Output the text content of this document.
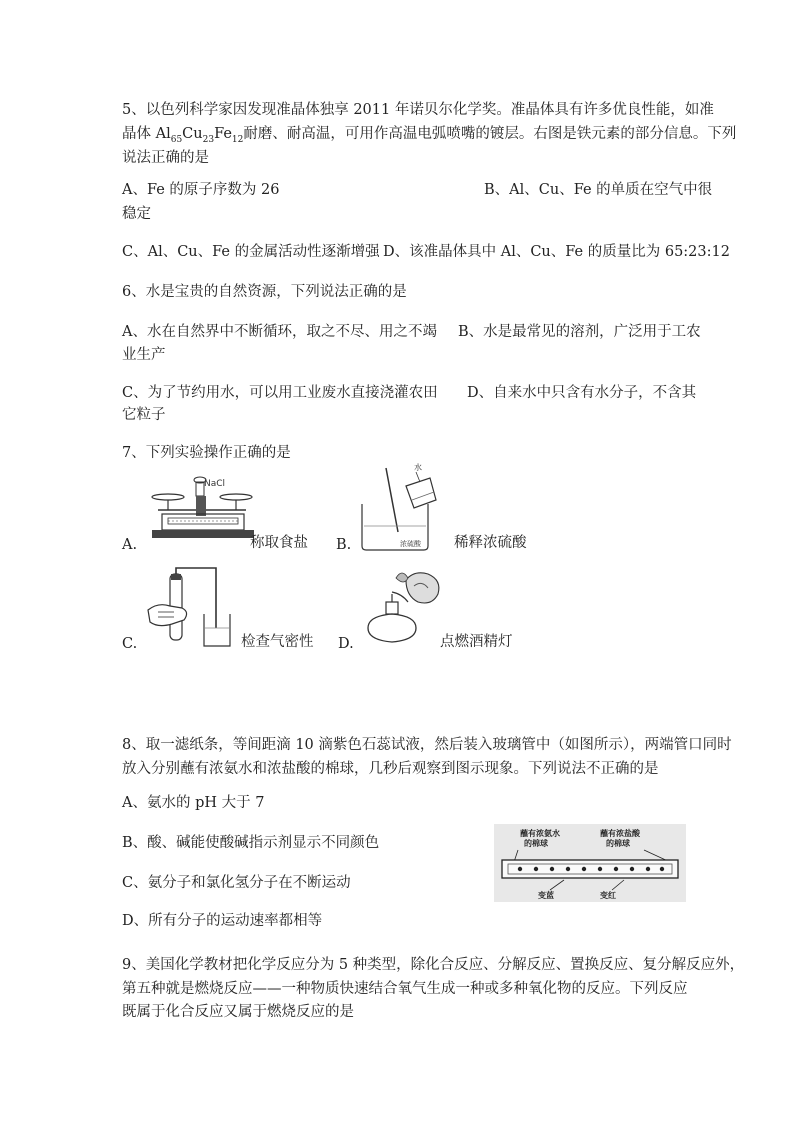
5、以色列科学家因发现准晶体独享 2011 年诺贝尔化学奖。准晶体具有许多优良性能，如准
晶体 $Al_{65}Cu_{23}Fe_{12}$耐磨、耐高温，可用作高温电弧喷嘴的镀层。右图是铁元素的部分信息。下列
说法正确的是
A、Fe 的原子序数为 26	B、Al、Cu、Fe 的单质在空气中很
稳定
C、Al、Cu、Fe 的金属活动性逐渐增强 D、该准晶体具中 Al、Cu、Fe 的质量比为 65:23:12
6、水是宝贵的自然资源，下列说法正确的是
A、水在自然界中不断循环，取之不尽、用之不竭 B、水是最常见的溶剂，广泛用于工农
业生产
C、为了节约用水，可以用工业废水直接浇灌农田 D、自来水中只含有水分子，不含其
它粒子
7、下列实验操作正确的是
NaCl
A.	称取食盐
水
浓硫酸
B.	稀释浓硫酸
C.	检查气密性 D.	点燃酒精灯
8、取一滤纸条，等间距滴 10 滴紫色石蕊试液，然后装入玻璃管中（如图所示），两端管口同时
放入分别蘸有浓氨水和浓盐酸的棉球，几秒后观察到图示现象。下列说法不正确的是
A、氨水的 pH 大于 7
B、酸、碱能使酸碱指示剂显示不同颜色
C、氨分子和氯化氢分子在不断运动
D、所有分子的运动速率都相等
蘸有浓氨水
的棉球
蘸有浓盐酸
的棉球
变蓝	变红
9、美国化学教材把化学反应分为 5 种类型，除化合反应、分解反应、置换反应、复分解反应外，
第五种就是燃烧反应——一种物质快速结合氧气生成一种或多种氧化物的反应。下列反应
既属于化合反应又属于燃烧反应的是
